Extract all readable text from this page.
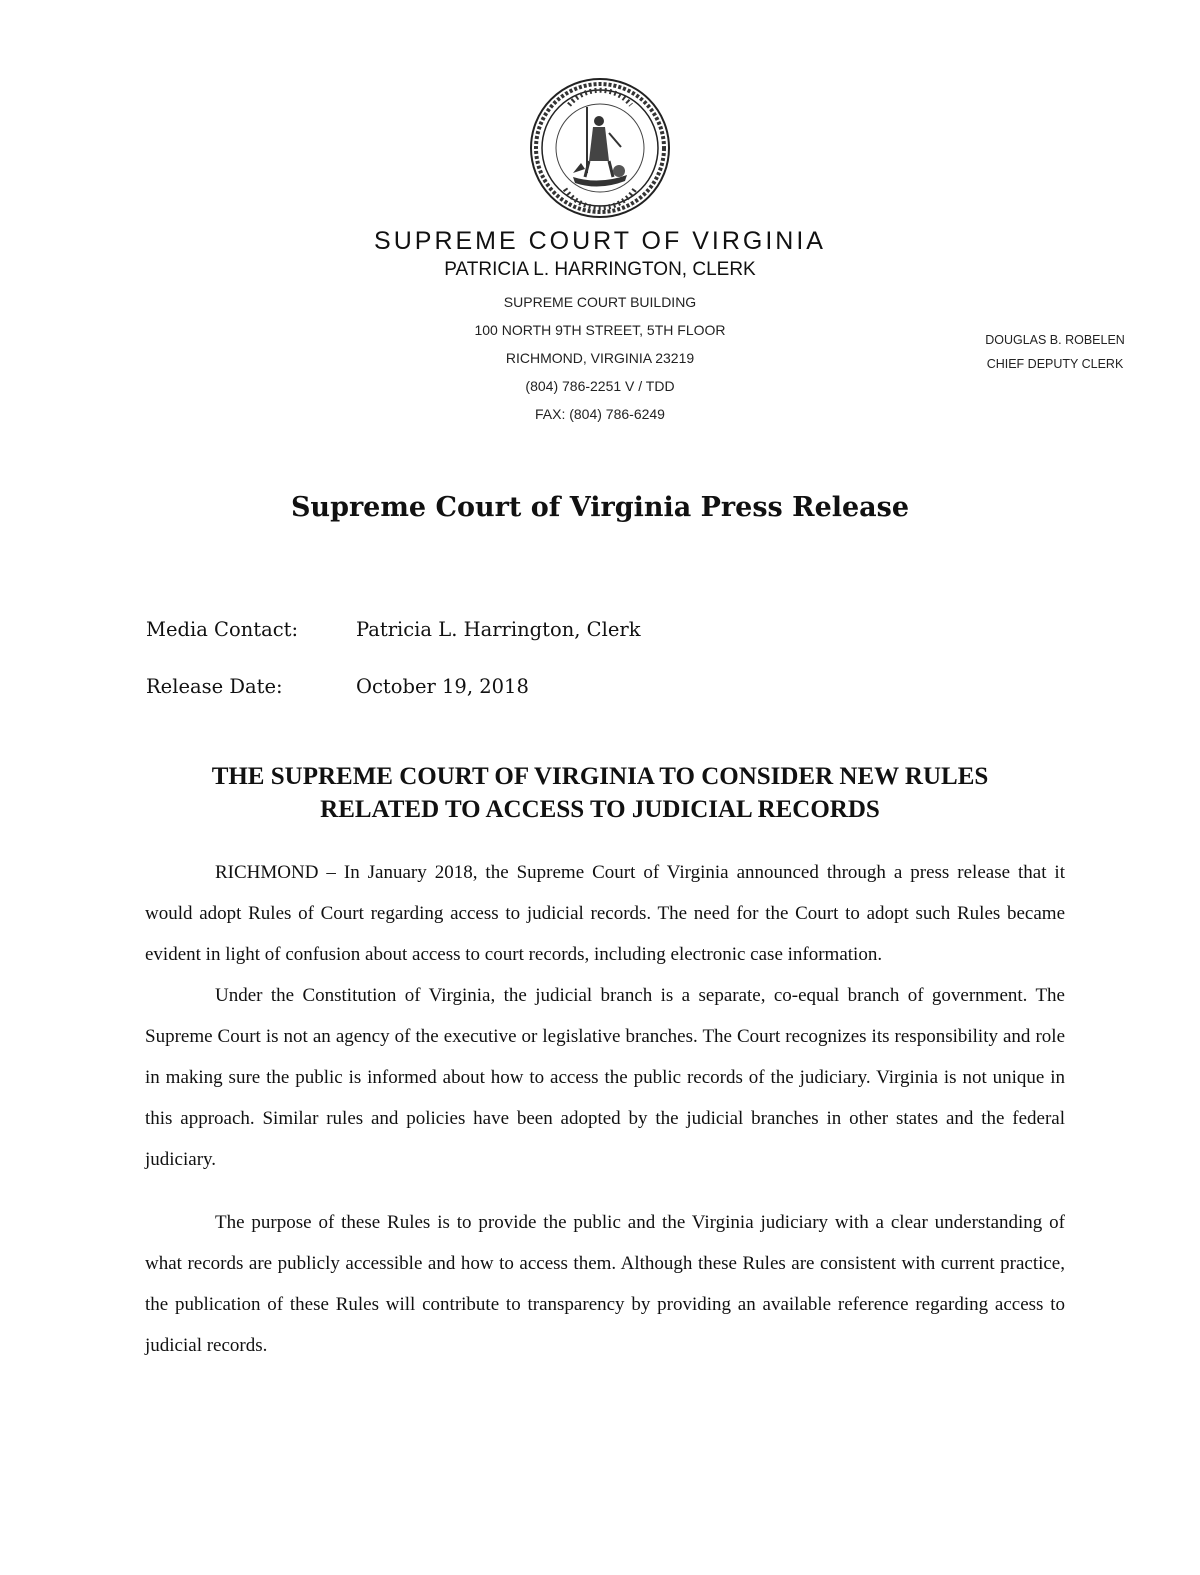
SUPREME COURT OF VIRGINIA
PATRICIA L. HARRINGTON, CLERK
SUPREME COURT BUILDING
100 NORTH 9TH STREET, 5TH FLOOR
RICHMOND, VIRGINIA 23219
(804) 786-2251 V / TDD
FAX: (804) 786-6249
DOUGLAS B. ROBELEN
CHIEF DEPUTY CLERK
Supreme Court of Virginia Press Release
Media Contact:	Patricia L. Harrington, Clerk
Release Date:	October 19, 2018
THE SUPREME COURT OF VIRGINIA TO CONSIDER NEW RULES
RELATED TO ACCESS TO JUDICIAL RECORDS

RICHMOND – In January 2018, the Supreme Court of Virginia announced through a press release that it would adopt Rules of Court regarding access to judicial records. The need for the Court to adopt such Rules became evident in light of confusion about access to court records, including electronic case information.

Under the Constitution of Virginia, the judicial branch is a separate, co-equal branch of government. The Supreme Court is not an agency of the executive or legislative branches. The Court recognizes its responsibility and role in making sure the public is informed about how to access the public records of the judiciary. Virginia is not unique in this approach. Similar rules and policies have been adopted by the judicial branches in other states and the federal judiciary.

The purpose of these Rules is to provide the public and the Virginia judiciary with a clear understanding of what records are publicly accessible and how to access them. Although these Rules are consistent with current practice, the publication of these Rules will contribute to transparency by providing an available reference regarding access to judicial records.
